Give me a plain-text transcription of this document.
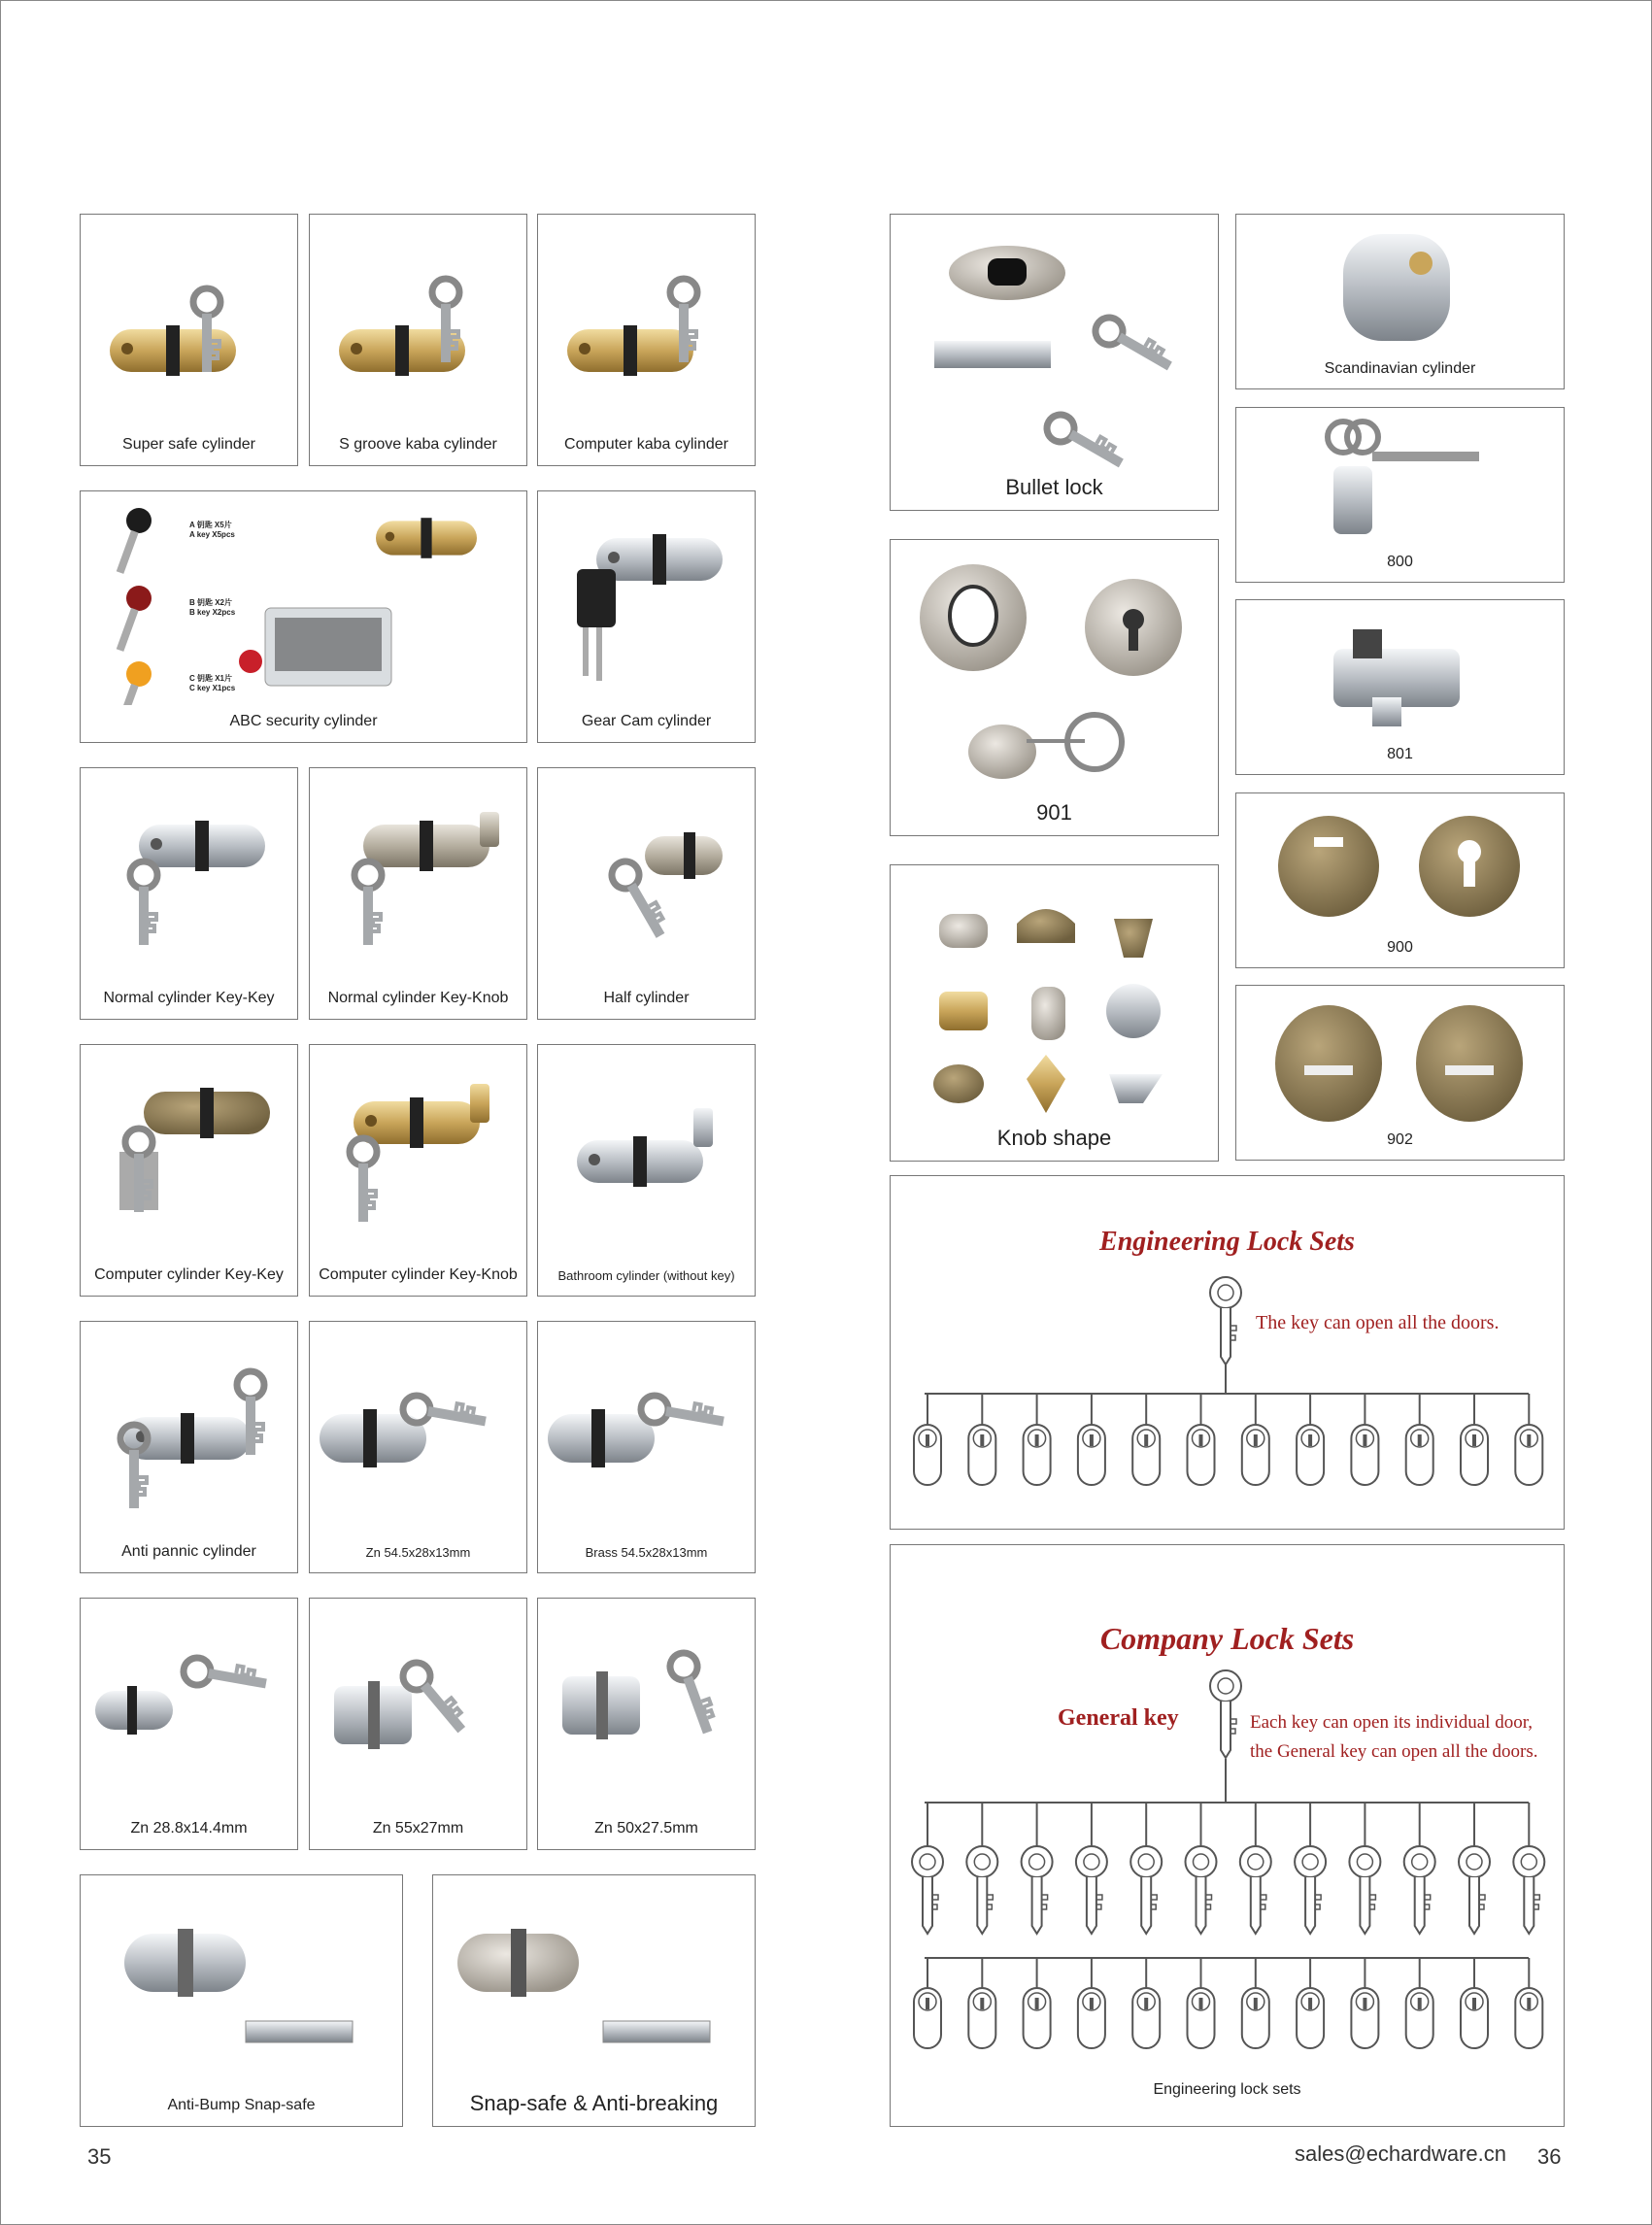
Super safe cylinder	S groove kaba cylinder	Computer kaba cylinder
A 钥匙 X5片
A key X5pcs
B 钥匙 X2片
B key X2pcs
C 钥匙 X1片
C key X1pcs
ABC security cylinder	Gear Cam cylinder
Normal cylinder Key-Key	Normal cylinder Key-Knob	Half cylinder
Computer cylinder Key-Key	Computer cylinder Key-Knob	Bathroom cylinder (without key)
Anti pannic cylinder	Zn 54.5x28x13mm	Brass 54.5x28x13mm
Zn 28.8x14.4mm	Zn 55x27mm	Zn 50x27.5mm
Anti-Bump Snap-safe	Snap-safe & Anti-breaking
Bullet lock
Scandinavian cylinder
800
901
801
900
Knob shape	902
Engineering Lock Sets
The key can open all the doors.
Company Lock Sets
General key	Each key can open its individual door,
the General key can open all the doors.
Engineering lock sets
35	sales@echardware.cn 36
